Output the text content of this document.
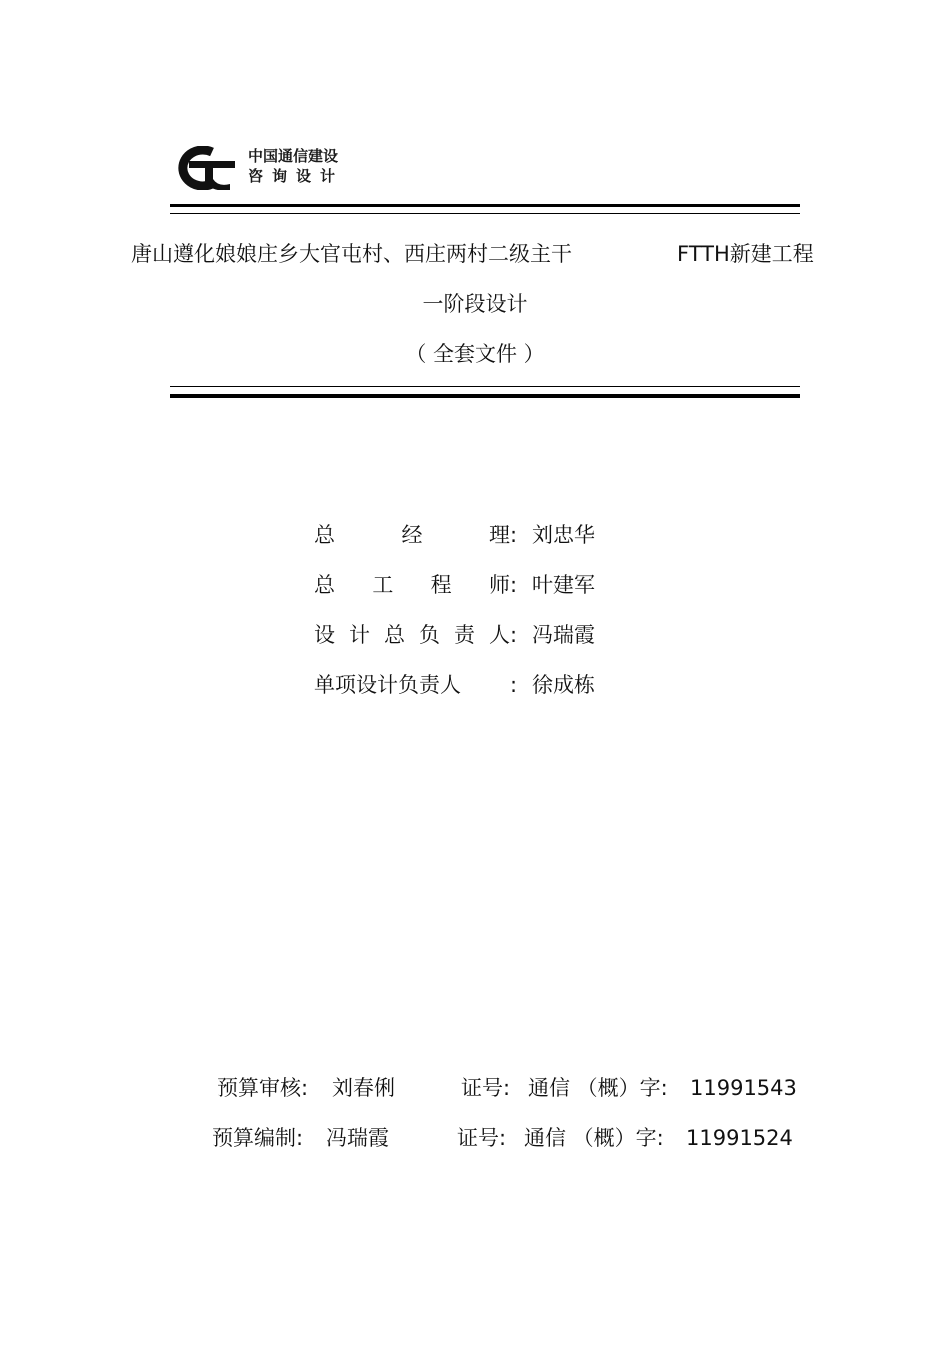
中国通信建设
咨询设计
唐山遵化娘娘庄乡大官屯村、西庄两村二级主干	FTTH新建工程
一阶段设计
（ 全套文件 ）
总	经	理 : 刘忠华
总 工 程 师 : 叶建军
设 计 总 负 责 人 : 冯瑞霞
单项设计负责人 : 徐成栋
预算审核: 刘春俐	证号: 通信 （概）字: 11991543
预算编制: 冯瑞霞	证号: 通信 （概）字: 11991524
